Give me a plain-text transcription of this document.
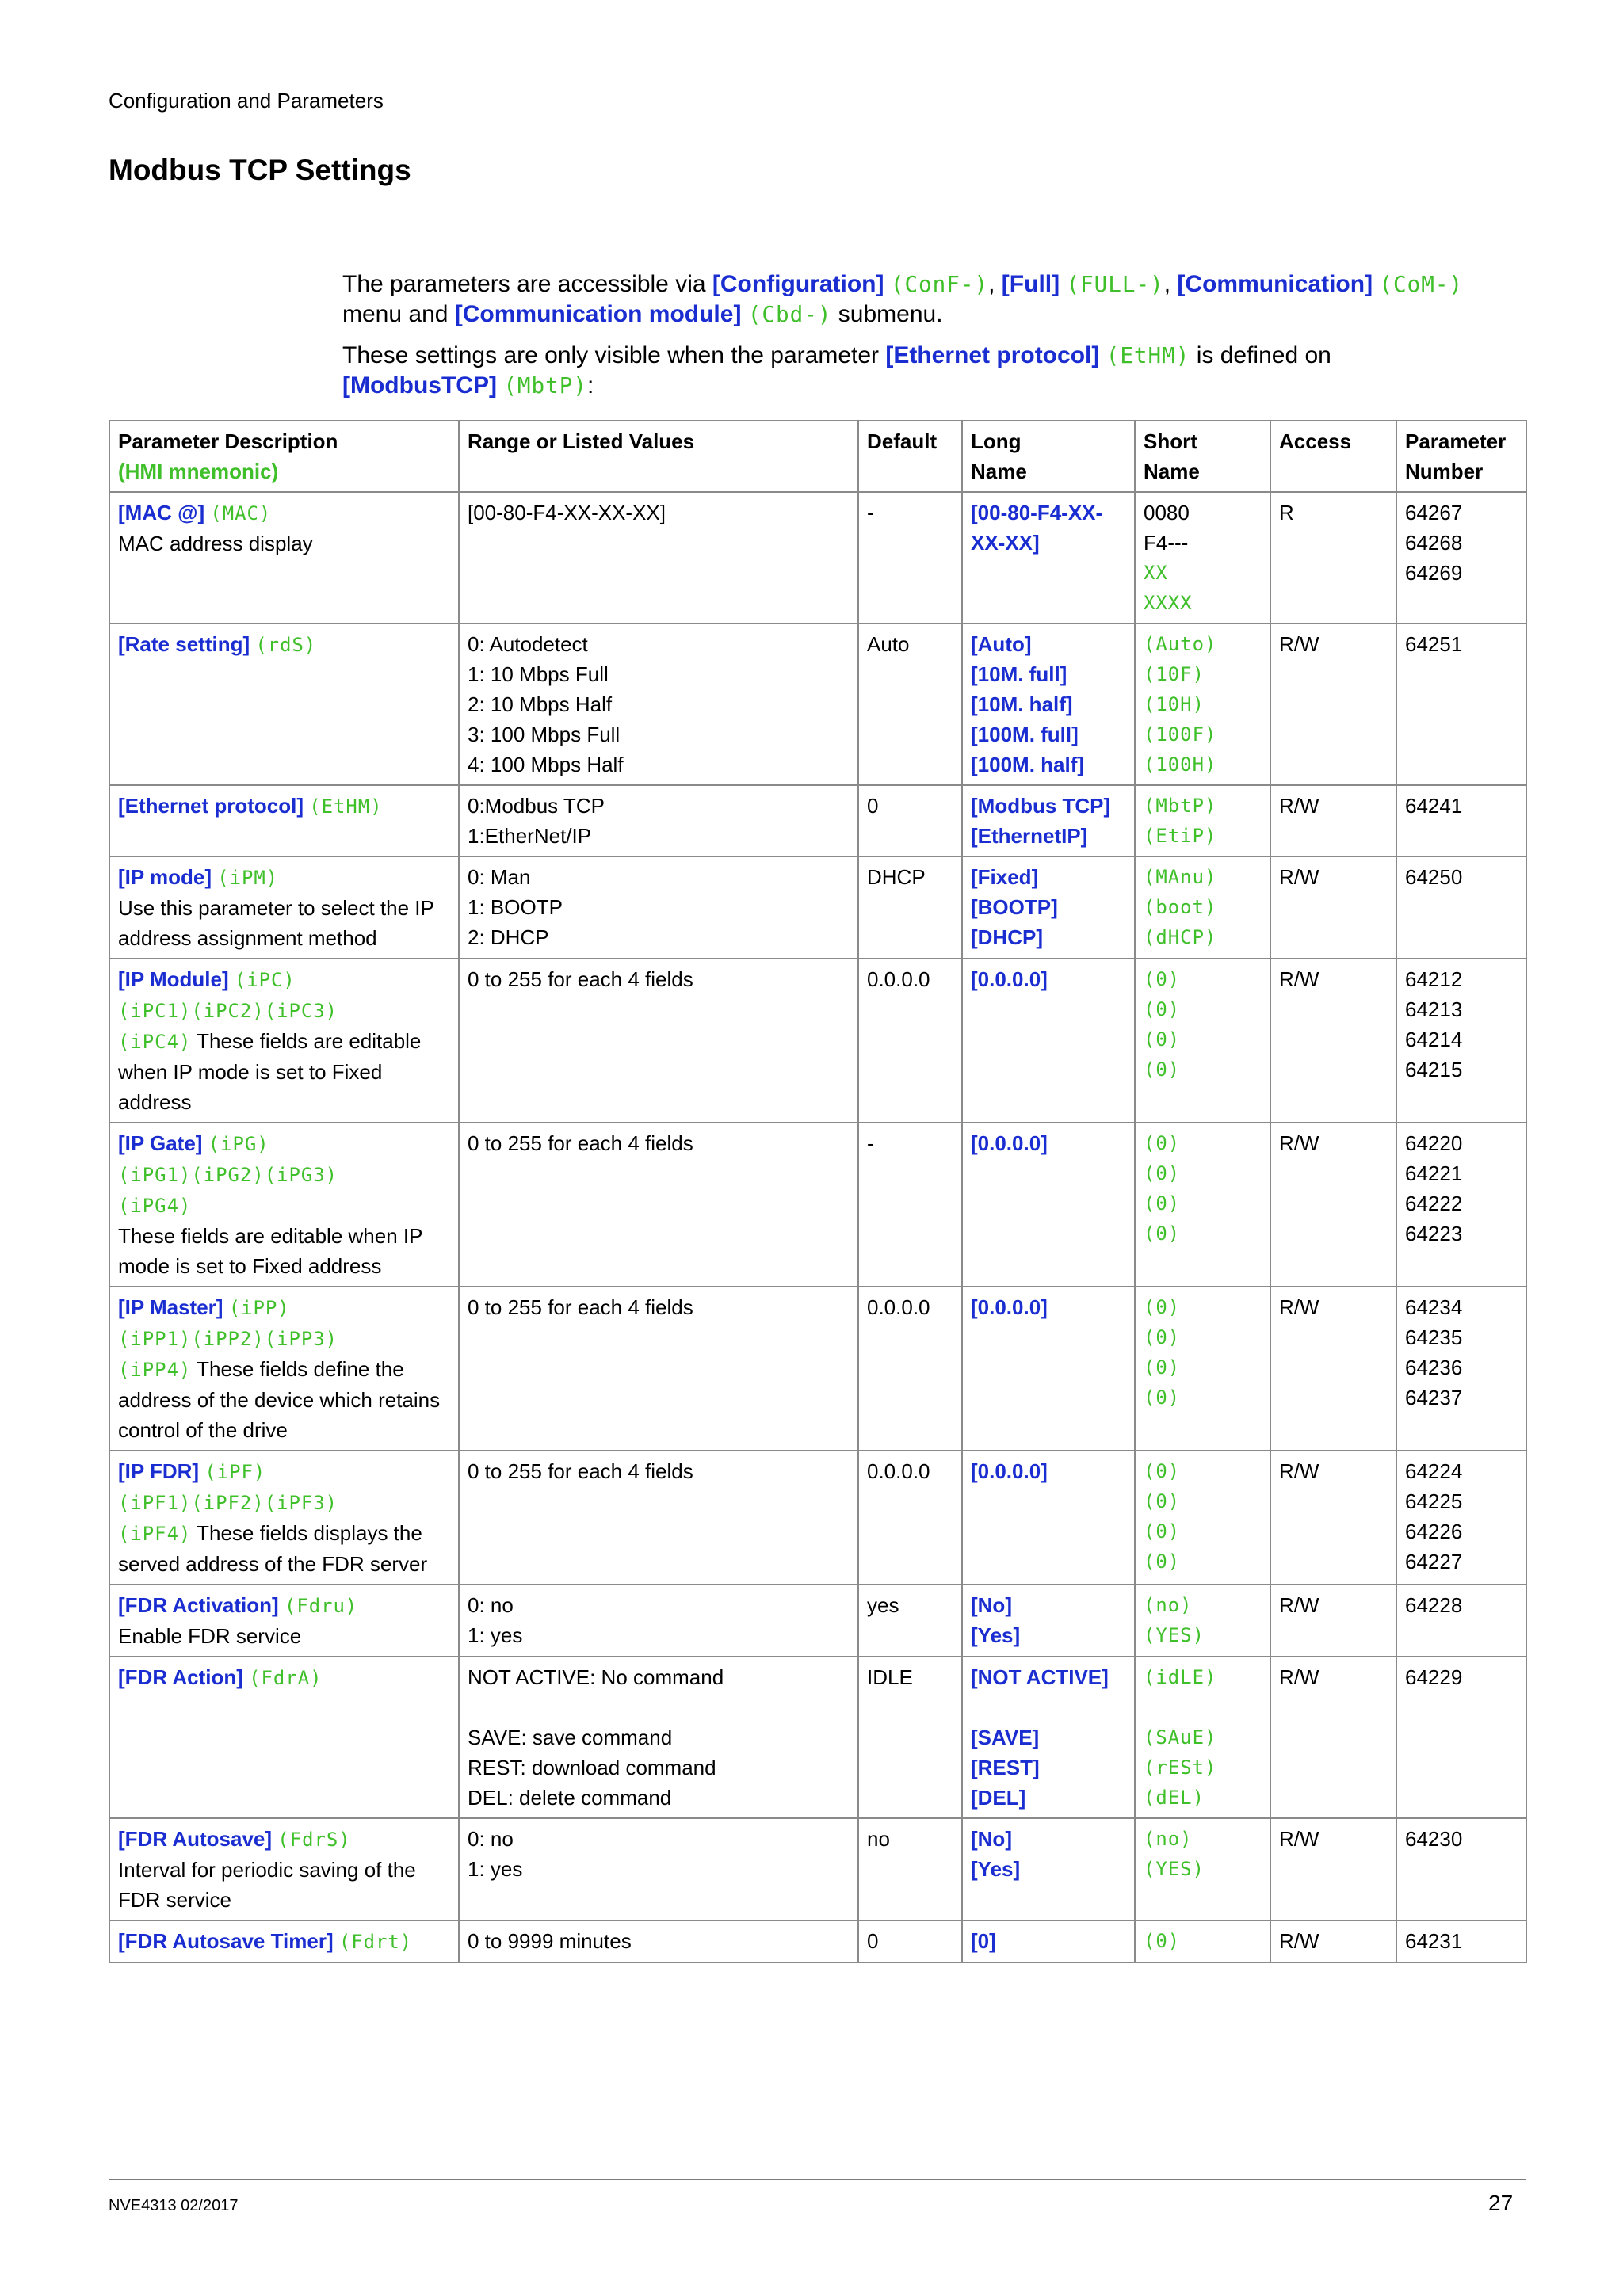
Configuration and Parameters
Modbus TCP Settings

The parameters are accessible via [Configuration] (ConF-), [Full] (FULL-), [Communication] (CoM-) menu and [Communication module] (Cbd-) submenu.

These settings are only visible when the parameter [Ethernet protocol] (EtHM) is defined on [ModbusTCP] (MbtP):

Parameter Description
(HMI mnemonic)	Range or Listed Values	Default	Long
Name	Short
Name	Access	Parameter
Number

[MAC @] (MAC)
MAC address display	[00-80-F4-XX-XX-XX]	-	[00-80-F4-XX-
XX-XX]	0080
F4---
XX
XXXX	R	64267
64268
64269

[Rate setting] (rdS)	0: Autodetect
1: 10 Mbps Full
2: 10 Mbps Half
3: 100 Mbps Full
4: 100 Mbps Half	Auto	[Auto]
[10M. full]
[10M. half]
[100M. full]
[100M. half]	(Auto)
(10F)
(10H)
(100F)
(100H)	R/W	64251

[Ethernet protocol] (EtHM)	0:Modbus TCP
1:EtherNet/IP	0	[Modbus TCP]
[EthernetIP]	(MbtP)
(EtiP)	R/W	64241

[IP mode] (iPM)
Use this parameter to select the IP address assignment method	0: Man
1: BOOTP
2: DHCP	DHCP	[Fixed]
[BOOTP]
[DHCP]	(MAnu)
(boot)
(dHCP)	R/W	64250

[IP Module] (iPC)
(iPC1)(iPC2)(iPC3)
(iPC4) These fields are editable when IP mode is set to Fixed address	0 to 255 for each 4 fields	0.0.0.0	[0.0.0.0]	(0)
(0)
(0)
(0)	R/W	64212
64213
64214
64215

[IP Gate] (iPG)
(iPG1)(iPG2)(iPG3)
(iPG4)
These fields are editable when IP mode is set to Fixed address	0 to 255 for each 4 fields	-	[0.0.0.0]	(0)
(0)
(0)
(0)	R/W	64220
64221
64222
64223

[IP Master] (iPP)
(iPP1)(iPP2)(iPP3)
(iPP4) These fields define the address of the device which retains control of the drive	0 to 255 for each 4 fields	0.0.0.0	[0.0.0.0]	(0)
(0)
(0)
(0)	R/W	64234
64235
64236
64237

[IP FDR] (iPF)
(iPF1)(iPF2)(iPF3)
(iPF4) These fields displays the served address of the FDR server	0 to 255 for each 4 fields	0.0.0.0	[0.0.0.0]	(0)
(0)
(0)
(0)	R/W	64224
64225
64226
64227

[FDR Activation] (Fdru)
Enable FDR service	0: no
1: yes	yes	[No]
[Yes]	(no)
(YES)	R/W	64228

[FDR Action] (FdrA)	NOT ACTIVE: No command
SAVE: save command
REST: download command
DEL: delete command	IDLE	[NOT ACTIVE]
[SAVE]
[REST]
[DEL]	(idLE)
(SAuE)
(rESt)
(dEL)	R/W	64229

[FDR Autosave] (FdrS)
Interval for periodic saving of the FDR service	0: no
1: yes	no	[No]
[Yes]	(no)
(YES)	R/W	64230

[FDR Autosave Timer] (Fdrt)	0 to 9999 minutes	0	[0]	(0)	R/W	64231
NVE4313 02/2017	27
